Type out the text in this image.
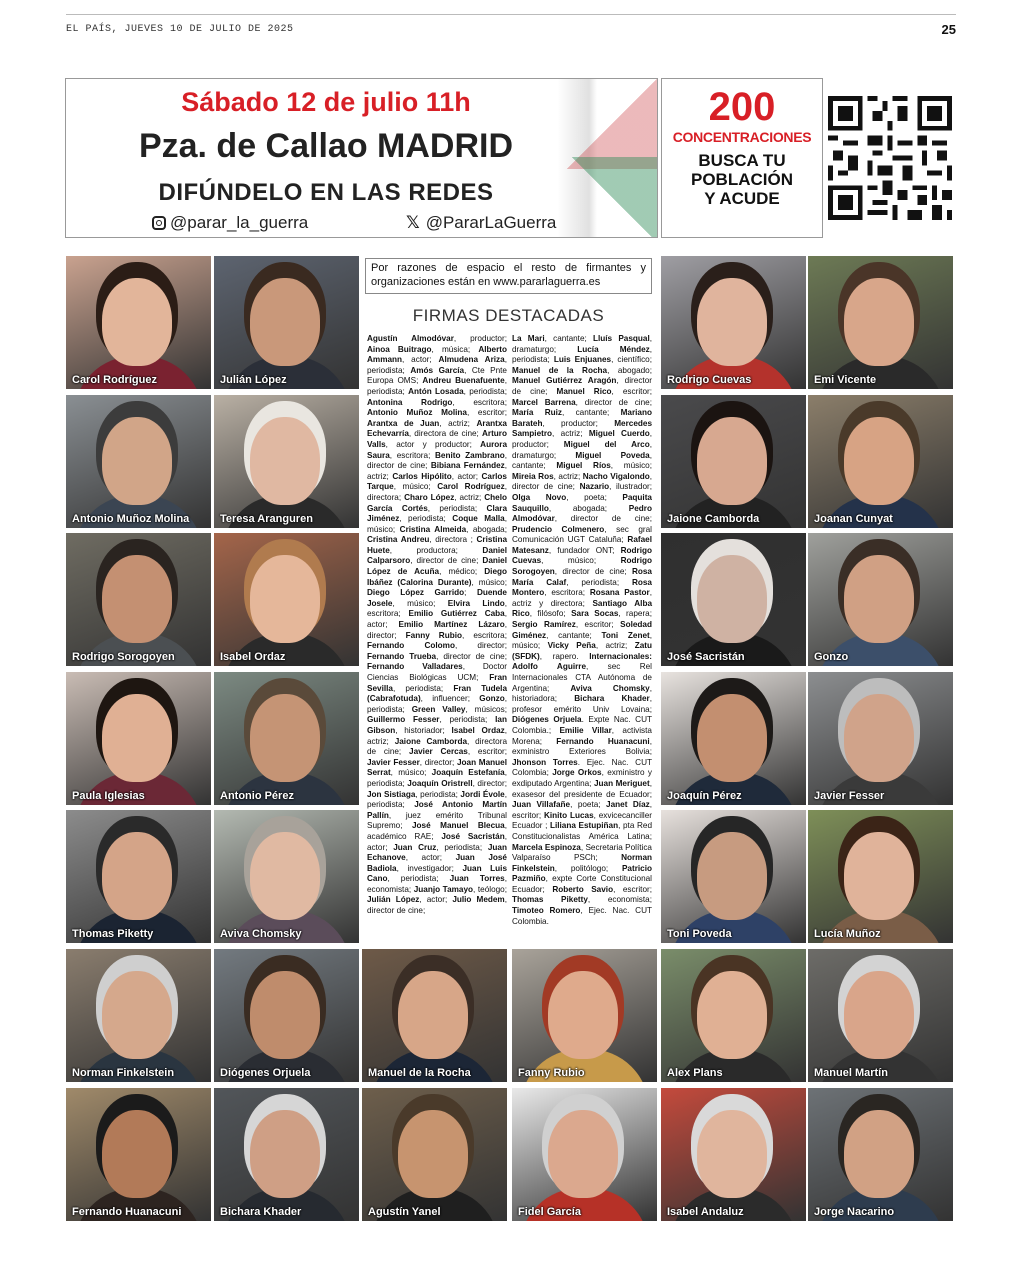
EL PAÍS, JUEVES 10 DE JULIO DE 2025	25
Sábado 12 de julio 11h
Pza. de Callao MADRID
DIFÚNDELO EN LAS REDES
@parar_la_guerra	𝕏 @PararLaGuerra
200
CONCENTRACIONES
BUSCA TU
POBLACIÓN
Y ACUDE
Por razones de espacio el resto de firmantes y organizaciones están en www.pararlaguerra.es
FIRMAS DESTACADAS
Agustín Almodóvar, productor; Ainoa Buitrago, música; Alberto Ammann, actor; Almudena Ariza, periodista; Amós García, Cte Pnte Europa OMS; Andreu Buenafuente, periodista; Antón Losada, periodista; Antonina Rodrigo, escritora; Antonio Muñoz Molina, escritor; Arantxa de Juan, actriz; Arantxa Echevarría, directora de cine; Arturo Valls, actor y productor; Aurora Saura, escritora; Benito Zambrano, director de cine; Bibiana Fernández, actriz; Carlos Hipólito, actor; Carlos Tarque, músico; Carol Rodríguez, directora; Charo López, actriz; Chelo García Cortés, periodista; Clara Jiménez, periodista; Coque Malla, músico; Cristina Almeida, abogada; Cristina Andreu, directora ; Cristina Huete, productora; Daniel Calparsoro, director de cine; Daniel López de Acuña, médico; Diego Ibáñez (Calorina Durante), músico; Diego López Garrido; Duende Josele, músico; Elvira Lindo, escritora; Emilio Gutiérrez Caba, actor; Emilio Martínez Lázaro, director; Fanny Rubio, escritora; Fernando Colomo, director; Fernando Trueba, director de cine; Fernando Valladares, Doctor Ciencias Biológicas UCM; Fran Sevilla, periodista; Fran Tudela (Cabrafotuda), influencer; Gonzo, periodista; Green Valley, músicos; Guillermo Fesser, periodista; Ian Gibson, historiador; Isabel Ordaz, actriz; Jaione Camborda, directora de cine; Javier Cercas, escritor; Javier Fesser, director; Joan Manuel Serrat, músico; Joaquín Estefanía, periodista; Joaquín Oristrell, director; Jon Sistiaga, periodista; Jordi Évole, periodista; José Antonio Martín Pallín, juez emérito Tribunal Supremo; José Manuel Blecua, académico RAE; José Sacristán, actor; Juan Cruz, periodista; Juan Echanove, actor; Juan José Badiola, investigador; Juan Luis Cano, periodista; Juan Torres, economista; Juanjo Tamayo, teólogo; Julián López, actor; Julio Medem, director de cine;
La Mari, cantante; Lluís Pasqual, dramaturgo; Lucía Méndez, periodista; Luis Enjuanes, científico; Manuel de la Rocha, abogado; Manuel Gutiérrez Aragón, director de cine; Manuel Rico, escritor; Marcel Barrena, director de cine; María Ruiz, cantante; Mariano Barateh, productor; Mercedes Sampietro, actriz; Miguel Cuerdo, productor; Miguel del Arco, dramaturgo; Miguel Poveda, cantante; Miguel Ríos, músico; Mireia Ros, actriz; Nacho Vigalondo, director de cine; Nazario, ilustrador; Olga Novo, poeta; Paquita Sauquillo, abogada; Pedro Almodóvar, director de cine; Prudencio Colmenero, sec gral Comunicación UGT Cataluña; Rafael Matesanz, fundador ONT; Rodrigo Cuevas, músico; Rodrigo Sorogoyen, director de cine; Rosa María Calaf, periodista; Rosa Montero, escritora; Rosana Pastor, actriz y directora; Santiago Alba Rico, filósofo; Sara Socas, rapera; Sergio Ramírez, escritor; Soledad Giménez, cantante; Toni Zenet, músico; Vicky Peña, actriz; Zatu (SFDK), rapero. Internacionales: Adolfo Aguirre, sec Rel Internacionales CTA Autónoma de Argentina; Aviva Chomsky, historiadora; Bichara Khader, profesor emérito Univ Lovaina; Diógenes Orjuela. Expte Nac. CUT Colombia.; Emilie Villar, activista Morena; Fernando Huanacuni, exministro Exteriores Bolivia; Jhonson Torres. Ejec. Nac. CUT Colombia; Jorge Orkos, exministro y exdiputado Argentina; Juan Meriguet, exasesor del presidente de Ecuador; Juan Villafañe, poeta; Janet Díaz, escritor; Kinito Lucas, exvicecanciller Ecuador ; Liliana Estupiñan, pta Red Constitucionalistas América Latina; Marcela Espinoza, Secretaria Política Valparaíso PSCh; Norman Finkelstein, politólogo; Patricio Pazmiño, expte Corte Constitucional Ecuador; Roberto Savio, escritor; Thomas Piketty, economista; Timoteo Romero, Ejec. Nac. CUT Colombia.
Carol Rodríguez	Julián López
Antonio Muñoz Molina	Teresa Aranguren
Rodrigo Sorogoyen	Isabel Ordaz
Paula Iglesias	Antonio Pérez
Thomas Piketty	Aviva Chomsky
Rodrigo Cuevas	Emi Vicente
Jaione Camborda	Joanan Cunyat
José Sacristán	Gonzo
Joaquín Pérez	Javier Fesser
Toni Poveda	Lucía Muñoz
Norman Finkelstein	Diógenes Orjuela	Manuel de la Rocha	Fanny Rubio	Alex Plans	Manuel Martín
Fernando Huanacuni	Bichara Khader	Agustín Yanel	Fidel García	Isabel Andaluz	Jorge Nacarino
